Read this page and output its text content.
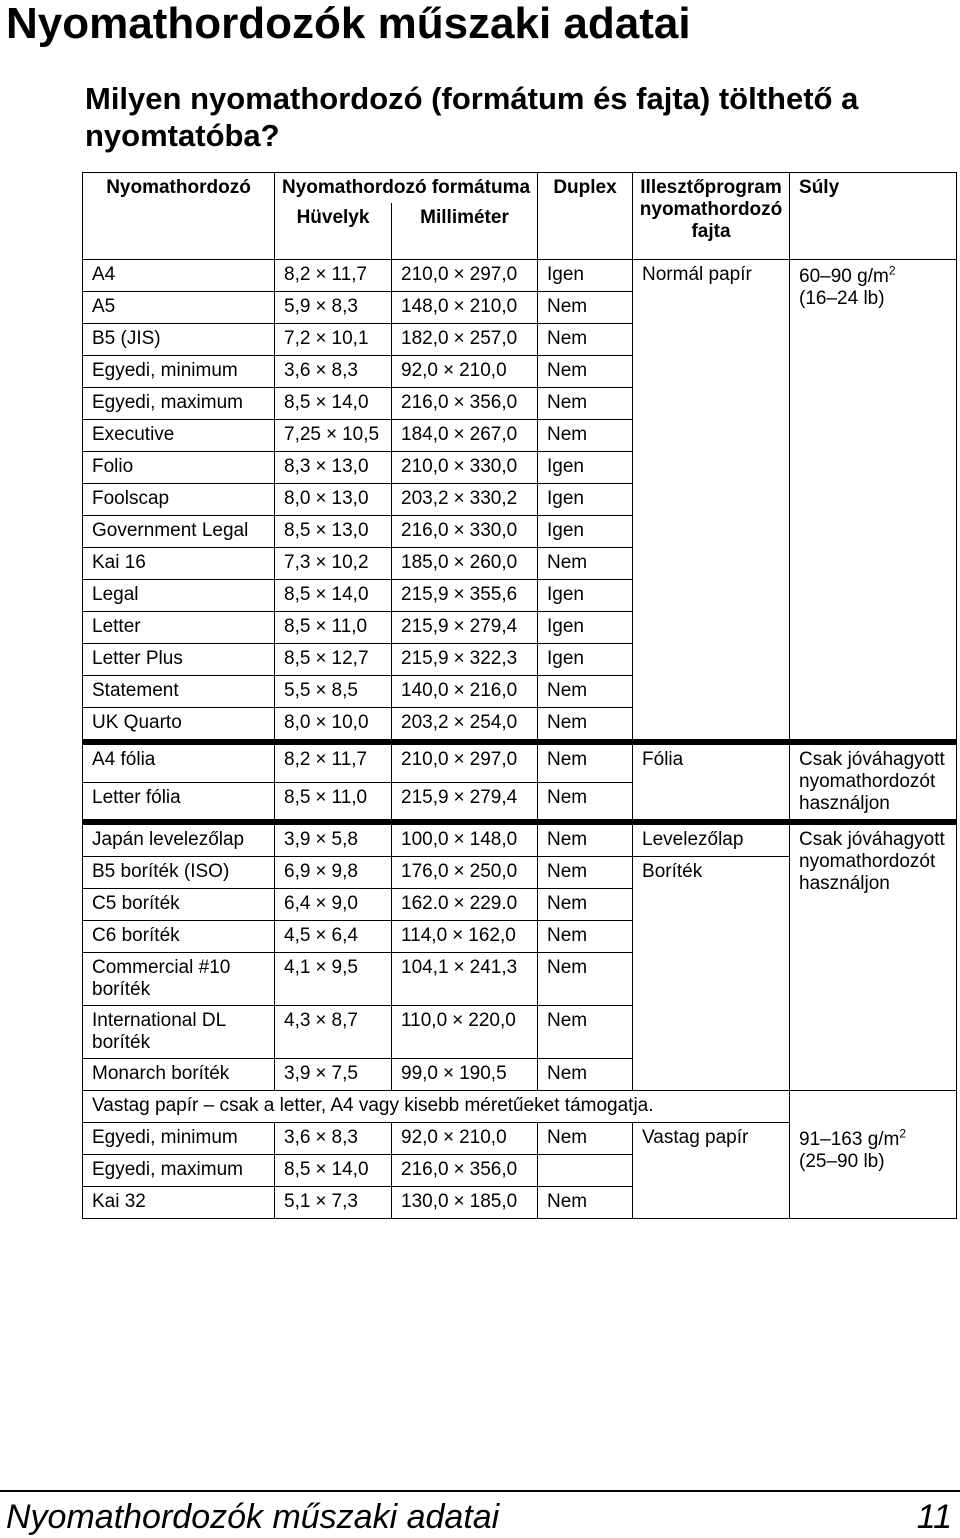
Nyomathordozók műszaki adatai
Milyen nyomathordozó (formátum és fajta) tölthető a nyomtatóba?
Nyomathordozó	Nyomathordozó formátuma		Duplex	Illesztőprogram nyomathordozó fajta	Súly
	Hüvelyk	Milliméter			
A4	8,2 × 11,7	210,0 × 297,0	Igen	Normál papír	60–90 $g/m^2$
(16–24 lb)
A5	5,9 × 8,3	148,0 × 210,0	Nem		
B5 (JIS)	7,2 × 10,1	182,0 × 257,0	Nem		
Egyedi, minimum	3,6 × 8,3	92,0 × 210,0	Nem		
Egyedi, maximum	8,5 × 14,0	216,0 × 356,0	Nem		
Executive	7,25 × 10,5	184,0 × 267,0	Nem		
Folio	8,3 × 13,0	210,0 × 330,0	Igen		
Foolscap	8,0 × 13,0	203,2 × 330,2	Igen		
Government Legal	8,5 × 13,0	216,0 × 330,0	Igen		
Kai 16	7,3 × 10,2	185,0 × 260,0	Nem		
Legal	8,5 × 14,0	215,9 × 355,6	Igen		
Letter	8,5 × 11,0	215,9 × 279,4	Igen		
Letter Plus	8,5 × 12,7	215,9 × 322,3	Igen		
Statement	5,5 × 8,5	140,0 × 216,0	Nem		
UK Quarto	8,0 × 10,0	203,2 × 254,0	Nem		
A4 fólia	8,2 × 11,7	210,0 × 297,0	Nem	Fólia	Csak jóváhagyott nyomathordozót használjon
Letter fólia	8,5 × 11,0	215,9 × 279,4	Nem		
Japán levelezőlap	3,9 × 5,8	100,0 × 148,0	Nem	Levelezőlap	Csak jóváhagyott nyomathordozót használjon
B5 boríték (ISO)	6,9 × 9,8	176,0 × 250,0	Nem	Boríték	
C5 boríték	6,4 × 9,0	162.0 × 229.0	Nem		
C6 boríték	4,5 × 6,4	114,0 × 162,0	Nem		
Commercial #10 boríték	4,1 × 9,5	104,1 × 241,3	Nem		
International DL boríték	4,3 × 8,7	110,0 × 220,0	Nem		
Monarch boríték	3,9 × 7,5	99,0 × 190,5	Nem		
Vastag papír – csak a letter, A4 vagy kisebb méretűeket támogatja.					
Egyedi, minimum	3,6 × 8,3	92,0 × 210,0	Nem	Vastag papír	91–163 $g/m^2$
(25–90 lb)
Egyedi, maximum	8,5 × 14,0	216,0 × 356,0			
Kai 32	5,1 × 7,3	130,0 × 185,0	Nem		
Nyomathordozók műszaki adatai	11
